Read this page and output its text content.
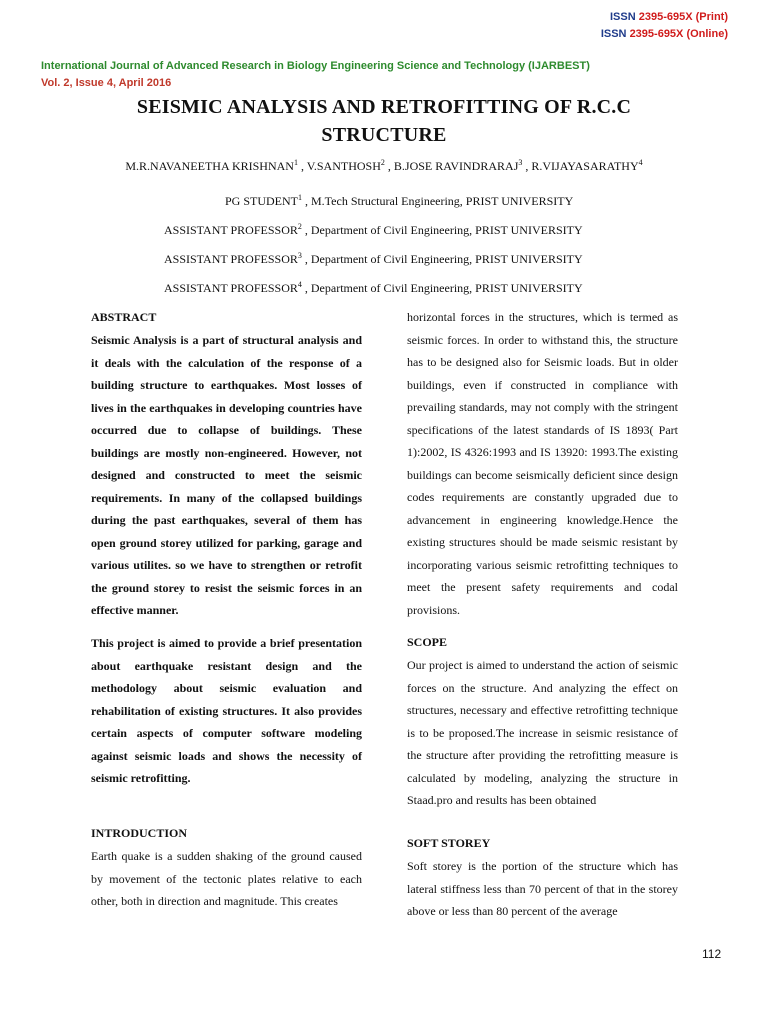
ISSN 2395-695X (Print)
ISSN 2395-695X (Online)
International Journal of Advanced Research in Biology Engineering Science and Technology (IJARBEST)
Vol. 2, Issue 4, April 2016
SEISMIC ANALYSIS AND RETROFITTING OF R.C.C
STRUCTURE
M.R.NAVANEETHA KRISHNAN$^1$ , V.SANTHOSH$^2$ , B.JOSE RAVINDRARAJ$^3$ , R.VIJAYASARATHY$^4$
PG STUDENT$^1$ , M.Tech Structural Engineering, PRIST UNIVERSITY
ASSISTANT PROFESSOR$^2$ , Department of Civil Engineering, PRIST UNIVERSITY
ASSISTANT PROFESSOR$^3$ , Department of Civil Engineering, PRIST UNIVERSITY
ASSISTANT PROFESSOR$^4$ , Department of Civil Engineering, PRIST UNIVERSITY
ABSTRACT

Seismic Analysis is a part of structural analysis and it deals with the calculation of the response of a building structure to earthquakes. Most losses of lives in the earthquakes in developing countries have occurred due to collapse of buildings. These buildings are mostly non-engineered. However, not designed and constructed to meet the seismic requirements. In many of the collapsed buildings during the past earthquakes, several of them has open ground storey utilized for parking, garage and various utilites. so we have to strengthen or retrofit the ground storey to resist the seismic forces in an effective manner.

This project is aimed to provide a brief presentation about earthquake resistant design and the methodology about seismic evaluation and rehabilitation of existing structures. It also provides certain aspects of computer software modeling against seismic loads and shows the necessity of seismic retrofitting.

INTRODUCTION

Earth quake is a sudden shaking of the ground caused by movement of the tectonic plates relative to each other, both in direction and magnitude. This creates

horizontal forces in the structures, which is termed as seismic forces. In order to withstand this, the structure has to be designed also for Seismic loads. But in older buildings, even if constructed in compliance with prevailing standards, may not comply with the stringent specifications of the latest standards of IS 1893( Part 1):2002, IS 4326:1993 and IS 13920: 1993.The existing buildings can become seismically deficient since design codes requirements are constantly upgraded due to advancement in engineering knowledge.Hence the existing structures should be made seismic resistant by incorporating various seismic retrofitting techniques to meet the present safety requirements and codal provisions.

SCOPE

Our project is aimed to understand the action of seismic forces on the structure. And analyzing the effect on structures, necessary and effective retrofitting technique is to be proposed.The increase in seismic resistance of the structure after providing the retrofitting measure is calculated by modeling, analyzing the structure in Staad.pro and results has been obtained

SOFT STOREY

Soft storey is the portion of the structure which has lateral stiffness less than 70 percent of that in the storey above or less than 80 percent of the average

112
